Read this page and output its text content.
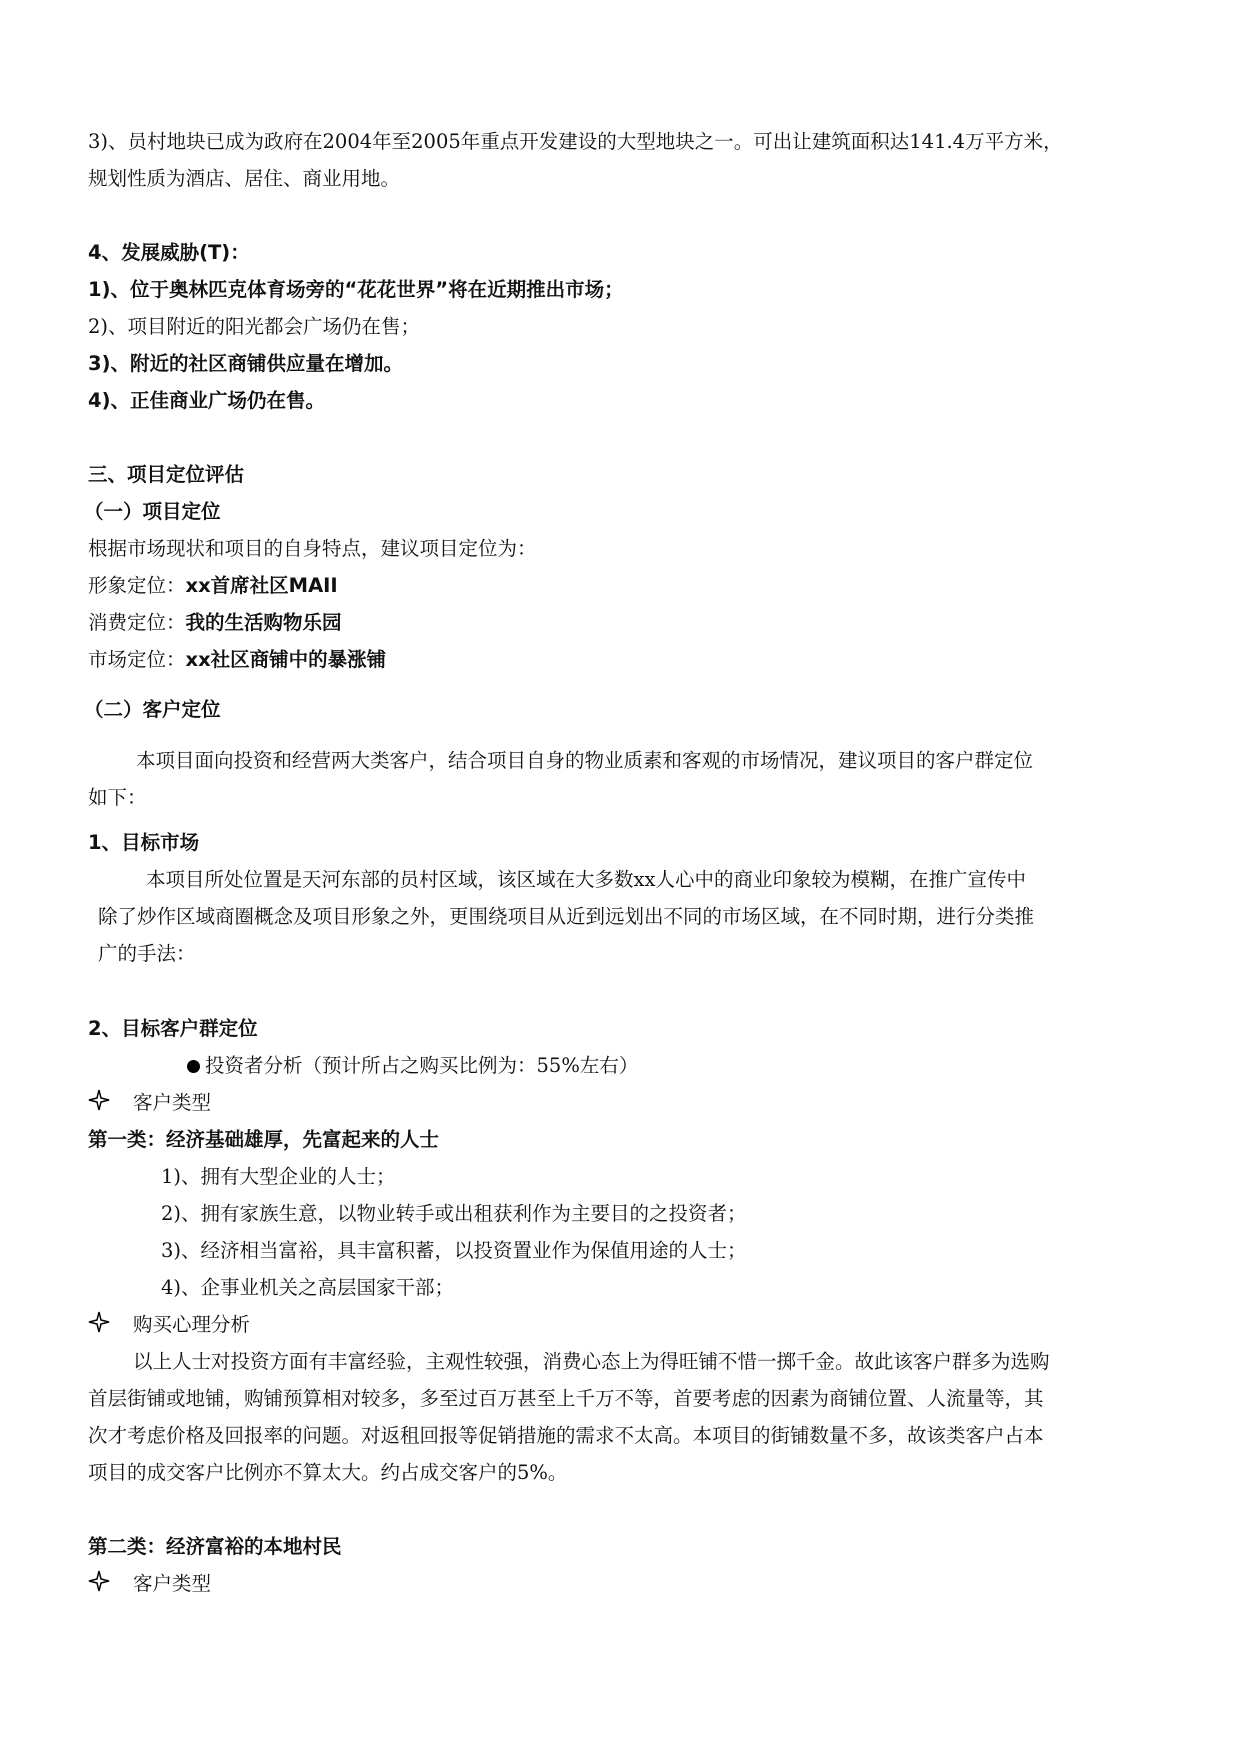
3)、员村地块已成为政府在2004年至2005年重点开发建设的大型地块之一。可出让建筑面积达141.4万平方米，
规划性质为酒店、居住、商业用地。
4、发展威胁(T)：
1)、位于奥林匹克体育场旁的“花花世界”将在近期推出市场；
2)、项目附近的阳光都会广场仍在售；
3)、附近的社区商铺供应量在增加。
4)、正佳商业广场仍在售。
三、项目定位评估
（一）项目定位
根据市场现状和项目的自身特点，建议项目定位为：
形象定位：xx首席社区MAII
消费定位：我的生活购物乐园
市场定位：xx社区商铺中的暴涨铺
（二）客户定位
本项目面向投资和经营两大类客户，结合项目自身的物业质素和客观的市场情况，建议项目的客户群定位
如下：
1、目标市场
本项目所处位置是天河东部的员村区域，该区域在大多数xx人心中的商业印象较为模糊，在推广宣传中
除了炒作区域商圈概念及项目形象之外，更围绕项目从近到远划出不同的市场区域，在不同时期，进行分类推
广的手法：
2、目标客户群定位
投资者分析（预计所占之购买比例为：55%左右）
客户类型
第一类：经济基础雄厚，先富起来的人士
1)、拥有大型企业的人士；
2)、拥有家族生意，以物业转手或出租获利作为主要目的之投资者；
3)、经济相当富裕，具丰富积蓄，以投资置业作为保值用途的人士；
4)、企事业机关之高层国家干部；
购买心理分析
以上人士对投资方面有丰富经验，主观性较强，消费心态上为得旺铺不惜一掷千金。故此该客户群多为选购
首层街铺或地铺，购铺预算相对较多，多至过百万甚至上千万不等，首要考虑的因素为商铺位置、人流量等，其
次才考虑价格及回报率的问题。对返租回报等促销措施的需求不太高。本项目的街铺数量不多，故该类客户占本
项目的成交客户比例亦不算太大。约占成交客户的5%。
第二类：经济富裕的本地村民
客户类型
